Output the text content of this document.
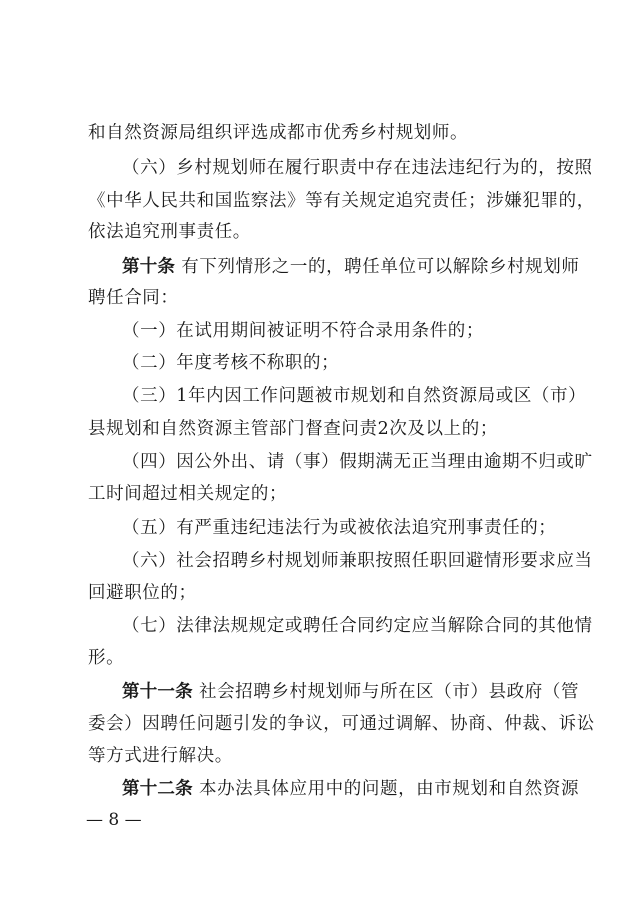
和自然资源局组织评选成都市优秀乡村规划师。
（六）乡村规划师在履行职责中存在违法违纪行为的，按照
《中华人民共和国监察法》等有关规定追究责任；涉嫌犯罪的，
依法追究刑事责任。
第十条 有下列情形之一的，聘任单位可以解除乡村规划师
聘任合同：
（一）在试用期间被证明不符合录用条件的；
（二）年度考核不称职的；
（三）1年内因工作问题被市规划和自然资源局或区（市）
县规划和自然资源主管部门督查问责2次及以上的；
（四）因公外出、请（事）假期满无正当理由逾期不归或旷
工时间超过相关规定的；
（五）有严重违纪违法行为或被依法追究刑事责任的；
（六）社会招聘乡村规划师兼职按照任职回避情形要求应当
回避职位的；
（七）法律法规规定或聘任合同约定应当解除合同的其他情
形。
第十一条 社会招聘乡村规划师与所在区（市）县政府（管
委会）因聘任问题引发的争议，可通过调解、协商、仲裁、诉讼
等方式进行解决。
第十二条 本办法具体应用中的问题，由市规划和自然资源
— 8 —
